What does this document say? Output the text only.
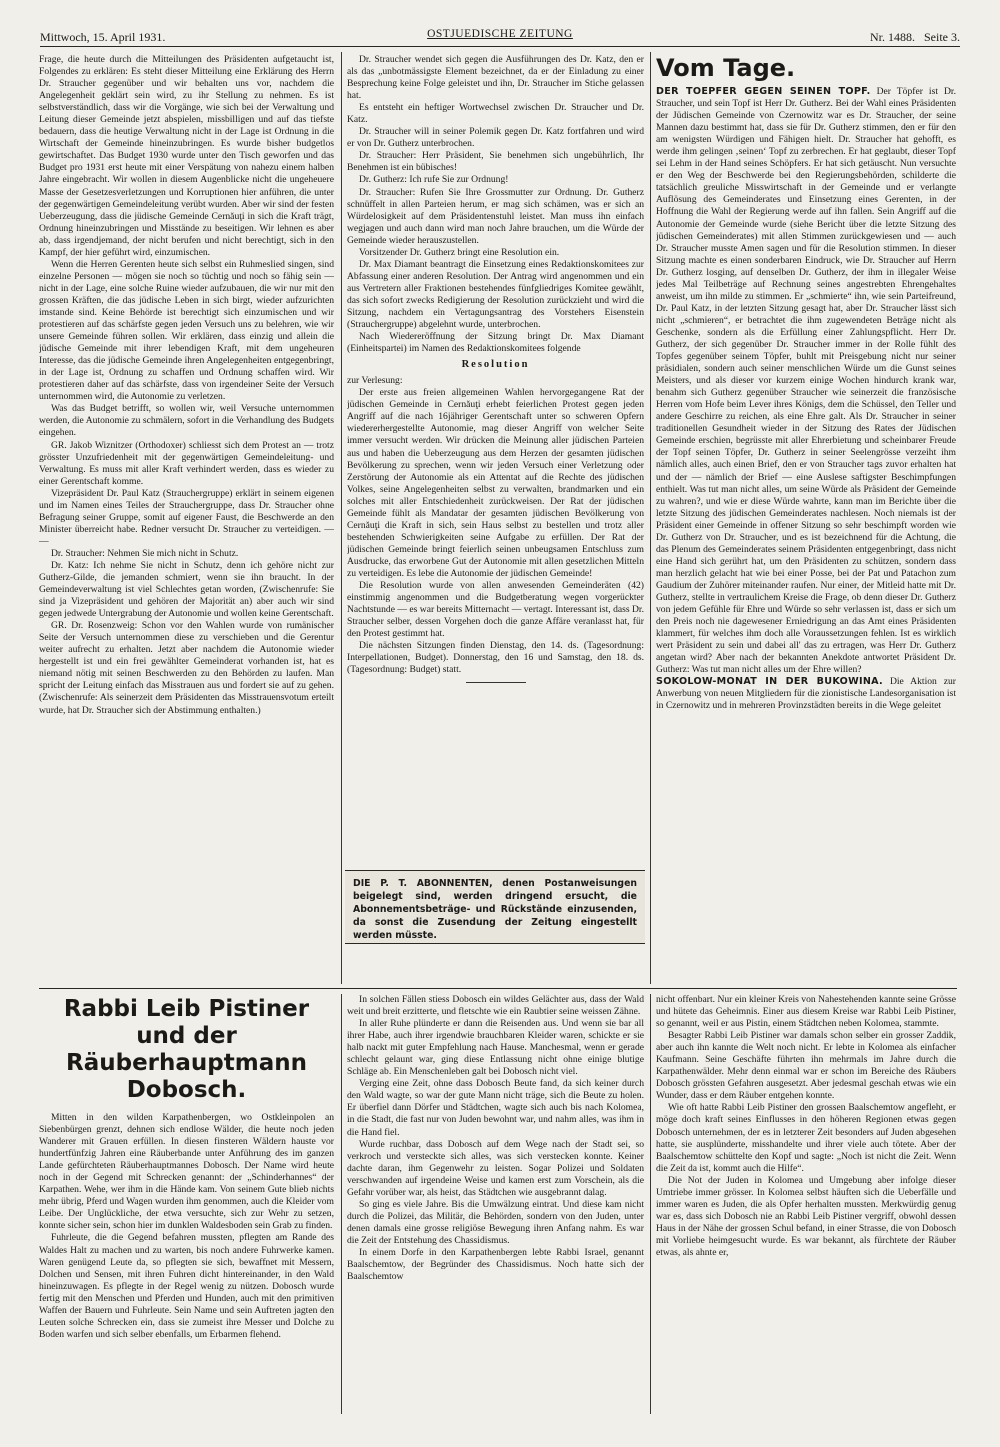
Mittwoch, 15. April 1931.	OSTJUEDISCHE ZEITUNG	Nr. 1488. Seite 3.

Frage, die heute durch die Mitteilungen des Präsidenten aufgetaucht ist, Folgendes zu erklären: Es steht dieser Mitteilung eine Erklärung des Herrn Dr. Straucher gegenüber und wir behalten uns vor, nachdem die Angelegenheit geklärt sein wird, zu ihr Stellung zu nehmen. Es ist selbstverständlich, dass wir die Vorgänge, wie sich bei der Verwaltung und Leitung dieser Gemeinde jetzt abspielen, missbilligen und auf das tiefste bedauern, dass die heutige Verwaltung nicht in der Lage ist Ordnung in die Wirtschaft der Gemeinde hineinzubringen. Es wurde bisher budgetlos gewirtschaftet. Das Budget 1930 wurde unter den Tisch geworfen und das Budget pro 1931 erst heute mit einer Verspätung von nahezu einem halben Jahre eingebracht. Wir wollen in diesem Augenblicke nicht die ungeheuere Masse der Gesetzesverletzungen und Korruptionen hier anführen, die unter der gegenwärtigen Gemeindeleitung verübt wurden. Aber wir sind der festen Ueberzeugung, dass die jüdische Gemeinde Cernăuţi in sich die Kraft trägt, Ordnung hineinzubringen und Misstände zu beseitigen. Wir lehnen es aber ab, dass irgendjemand, der nicht berufen und nicht berechtigt, sich in den Kampf, der hier geführt wird, einzumischen.

Wenn die Herren Gerenten heute sich selbst ein Ruhmeslied singen, sind einzelne Personen — mögen sie noch so tüchtig und noch so fähig sein — nicht in der Lage, eine solche Ruine wieder aufzubauen, die wir nur mit den grossen Kräften, die das jüdische Leben in sich birgt, wieder aufzurichten imstande sind. Keine Behörde ist berechtigt sich einzumischen und wir protestieren auf das schärfste gegen jeden Versuch uns zu belehren, wie wir unsere Gemeinde führen sollen. Wir erklären, dass einzig und allein die jüdische Gemeinde mit ihrer lebendigen Kraft, mit dem ungeheuren Interesse, das die jüdische Gemeinde ihren Angelegenheiten entgegenbringt, in der Lage ist, Ordnung zu schaffen und Ordnung schaffen wird. Wir protestieren daher auf das schärfste, dass von irgendeiner Seite der Versuch unternommen wird, die Autonomie zu verletzen.

Was das Budget betrifft, so wollen wir, weil Versuche unternommen werden, die Autonomie zu schmälern, sofort in die Verhandlung des Budgets eingehen.

GR. Jakob Wiznitzer (Orthodoxer) schliesst sich dem Protest an — trotz grösster Unzufriedenheit mit der gegenwärtigen Gemeindeleitung- und Verwaltung. Es muss mit aller Kraft verhindert werden, dass es wieder zu einer Gerentschaft komme.

Vizepräsident Dr. Paul Katz (Strauchergruppe) erklärt in seinem eigenen und im Namen eines Teiles der Strauchergruppe, dass Dr. Straucher ohne Befragung seiner Gruppe, somit auf eigener Faust, die Beschwerde an den Minister überreicht habe. Redner versucht Dr. Straucher zu verteidigen. — —

Dr. Straucher: Nehmen Sie mich nicht in Schutz.

Dr. Katz: Ich nehme Sie nicht in Schutz, denn ich gehöre nicht zur Gutherz-Gilde, die jemanden schmiert, wenn sie ihn braucht. In der Gemeindeverwaltung ist viel Schlechtes getan worden, (Zwischenrufe: Sie sind ja Vizepräsident und gehören der Majorität an) aber auch wir sind gegen jedwede Untergrabung der Autonomie und wollen keine Gerentschaft.

GR. Dr. Rosenzweig: Schon vor den Wahlen wurde von rumänischer Seite der Versuch unternommen diese zu verschieben und die Gerentur weiter aufrecht zu erhalten. Jetzt aber nachdem die Autonomie wieder hergestellt ist und ein frei gewählter Gemeinderat vorhanden ist, hat es niemand nötig mit seinen Beschwerden zu den Behörden zu laufen. Man spricht der Leitung einfach das Misstrauen aus und fordert sie auf zu gehen. (Zwischenrufe: Als seinerzeit dem Präsidenten das Misstrauensvotum erteilt wurde, hat Dr. Straucher sich der Abstimmung enthalten.)

Dr. Straucher wendet sich gegen die Ausführungen des Dr. Katz, den er als das „unbotmässigste Element bezeichnet, da er der Einladung zu einer Besprechung keine Folge geleistet und ihn, Dr. Straucher im Stiche gelassen hat.

Es entsteht ein heftiger Wortwechsel zwischen Dr. Straucher und Dr. Katz.

Dr. Straucher will in seiner Polemik gegen Dr. Katz fortfahren und wird er von Dr. Gutherz unterbrochen.

Dr. Straucher: Herr Präsident, Sie benehmen sich ungebührlich, Ihr Benehmen ist ein bübisches!

Dr. Gutherz: Ich rufe Sie zur Ordnung!

Dr. Straucher: Rufen Sie Ihre Grossmutter zur Ordnung. Dr. Gutherz schnüffelt in allen Parteien herum, er mag sich schämen, was er sich an Würdelosigkeit auf dem Präsidentenstuhl leistet. Man muss ihn einfach wegjagen und auch dann wird man noch Jahre brauchen, um die Würde der Gemeinde wieder herauszustellen.

Vorsitzender Dr. Gutherz bringt eine Resolution ein.

Dr. Max Diamant beantragt die Einsetzung eines Redaktionskomitees zur Abfassung einer anderen Resolution. Der Antrag wird angenommen und ein aus Vertretern aller Fraktionen bestehendes fünfgliedriges Komitee gewählt, das sich sofort zwecks Redigierung der Resolution zurückzieht und wird die Sitzung, nachdem ein Vertagungsantrag des Vorstehers Eisenstein (Strauchergruppe) abgelehnt wurde, unterbrochen.

Nach Wiedereröffnung der Sitzung bringt Dr. Max Diamant (Einheitspartei) im Namen des Redaktionskomitees folgende

Resolution

zur Verlesung:

Der erste aus freien allgemeinen Wahlen hervorgegangene Rat der jüdischen Gemeinde in Cernăuţi erhebt feierlichen Protest gegen jeden Angriff auf die nach 16jähriger Gerentschaft unter so schweren Opfern wiedererhergestellte Autonomie, mag dieser Angriff von welcher Seite immer versucht werden. Wir drücken die Meinung aller jüdischen Parteien aus und haben die Ueberzeugung aus dem Herzen der gesamten jüdischen Bevölkerung zu sprechen, wenn wir jeden Versuch einer Verletzung oder Zerstörung der Autonomie als ein Attentat auf die Rechte des jüdischen Volkes, seine Angelegenheiten selbst zu verwalten, brandmarken und ein solches mit aller Entschiedenheit zurückweisen. Der Rat der jüdischen Gemeinde fühlt als Mandatar der gesamten jüdischen Bevölkerung von Cernăuţi die Kraft in sich, sein Haus selbst zu bestellen und trotz aller bestehenden Schwierigkeiten seine Aufgabe zu erfüllen. Der Rat der jüdischen Gemeinde bringt feierlich seinen unbeugsamen Entschluss zum Ausdrucke, das erworbene Gut der Autonomie mit allen gesetzlichen Mitteln zu verteidigen. Es lebe die Autonomie der jüdischen Gemeinde!

Die Resolution wurde von allen anwesenden Gemeinderäten (42) einstimmig angenommen und die Budgetberatung wegen vorgerückter Nachtstunde — es war bereits Mitternacht — vertagt. Interessant ist, dass Dr. Straucher selber, dessen Vorgehen doch die ganze Affäre veranlasst hat, für den Protest gestimmt hat.

Die nächsten Sitzungen finden Dienstag, den 14. ds. (Tagesordnung: Interpellationen, Budget). Donnerstag, den 16 und Samstag, den 18. ds. (Tagesordnung: Budget) statt.

DIE P. T. ABONNENTEN, denen Postanweisungen beigelegt sind, werden dringend ersucht, die Abonnementsbeträge- und Rückstände einzusenden, da sonst die Zusendung der Zeitung eingestellt werden müsste.
Vom Tage.

DER TOEPFER GEGEN SEINEN TOPF. Der Töpfer ist Dr. Straucher, und sein Topf ist Herr Dr. Gutherz. Bei der Wahl eines Präsidenten der Jüdischen Gemeinde von Czernowitz war es Dr. Straucher, der seine Mannen dazu bestimmt hat, dass sie für Dr. Gutherz stimmen, den er für den am wenigsten Würdigen und Fähigen hielt. Dr. Straucher hat gehofft, es werde ihm gelingen ‚seinen‘ Topf zu zerbrechen. Er hat geglaubt, dieser Topf sei Lehm in der Hand seines Schöpfers. Er hat sich getäuscht. Nun versuchte er den Weg der Beschwerde bei den Regierungsbehörden, schilderte die tatsächlich greuliche Misswirtschaft in der Gemeinde und er verlangte Auflösung des Gemeinderates und Einsetzung eines Gerenten, in der Hoffnung die Wahl der Regierung werde auf ihn fallen. Sein Angriff auf die Autonomie der Gemeinde wurde (siehe Bericht über die letzte Sitzung des jüdischen Gemeinderates) mit allen Stimmen zurückgewiesen und — auch Dr. Straucher musste Amen sagen und für die Resolution stimmen. In dieser Sitzung machte es einen sonderbaren Eindruck, wie Dr. Straucher auf Herrn Dr. Gutherz losging, auf denselben Dr. Gutherz, der ihm in illegaler Weise jedes Mal Teilbeträge auf Rechnung seines angestrebten Ehrengehaltes anweist, um ihn milde zu stimmen. Er „schmierte“ ihn, wie sein Parteifreund, Dr. Paul Katz, in der letzten Sitzung gesagt hat, aber Dr. Straucher lässt sich nicht „schmieren“, er betrachtet die ihm zugewendeten Beträge nicht als Geschenke, sondern als die Erfüllung einer Zahlungspflicht. Herr Dr. Gutherz, der sich gegenüber Dr. Straucher immer in der Rolle fühlt des Topfes gegenüber seinem Töpfer, buhlt mit Preisgebung nicht nur seiner präsidialen, sondern auch seiner menschlichen Würde um die Gunst seines Meisters, und als dieser vor kurzem einige Wochen hindurch krank war, benahm sich Gutherz gegenüber Straucher wie seinerzeit die französische Herren vom Hofe beim Lever ihres Königs, dem die Schüssel, den Teller und andere Geschirre zu reichen, als eine Ehre galt. Als Dr. Straucher in seiner traditionellen Gesundheit wieder in der Sitzung des Rates der Jüdischen Gemeinde erschien, begrüsste mit aller Ehrerbietung und scheinbarer Freude der Topf seinen Töpfer, Dr. Gutherz in seiner Seelengrösse verzeiht ihm nämlich alles, auch einen Brief, den er von Straucher tags zuvor erhalten hat und der — nämlich der Brief — eine Auslese saftigster Beschimpfungen enthielt. Was tut man nicht alles, um seine Würde als Präsident der Gemeinde zu wahren?, und wie er diese Würde wahrte, kann man im Berichte über die letzte Sitzung des jüdischen Gemeinderates nachlesen. Noch niemals ist der Präsident einer Gemeinde in offener Sitzung so sehr beschimpft worden wie Dr. Gutherz von Dr. Straucher, und es ist bezeichnend für die Achtung, die das Plenum des Gemeinderates seinem Präsidenten entgegenbringt, dass nicht eine Hand sich gerührt hat, um den Präsidenten zu schützen, sondern dass man herzlich gelacht hat wie bei einer Posse, bei der Pat und Patachon zum Gaudium der Zuhörer miteinander raufen. Nur einer, der Mitleid hatte mit Dr. Gutherz, stellte in vertraulichem Kreise die Frage, ob denn dieser Dr. Gutherz von jedem Gefühle für Ehre und Würde so sehr verlassen ist, dass er sich um den Preis noch nie dagewesener Erniedrigung an das Amt eines Präsidenten klammert, für welches ihm doch alle Voraussetzungen fehlen. Ist es wirklich wert Präsident zu sein und dabei all' das zu ertragen, was Herr Dr. Gutherz angetan wird? Aber nach der bekannten Anekdote antwortet Präsident Dr. Gutherz: Was tut man nicht alles um der Ehre willen?

SOKOLOW-MONAT IN DER BUKOWINA. Die Aktion zur Anwerbung von neuen Mitgliedern für die zionistische Landesorganisation ist in Czernowitz und in mehreren Provinzstädten bereits in die Wege geleitet

Rabbi Leib Pistiner und der Räuberhauptmann Dobosch.

Mitten in den wilden Karpathenbergen, wo Ostkleinpolen an Siebenbürgen grenzt, dehnen sich endlose Wälder, die heute noch jeden Wanderer mit Grauen erfüllen. In diesen finsteren Wäldern hauste vor hundertfünfzig Jahren eine Räuberbande unter Anführung des im ganzen Lande gefürchteten Räuberhauptmannes Dobosch. Der Name wird heute noch in der Gegend mit Schrecken genannt: der „Schinderhannes“ der Karpathen. Wehe, wer ihm in die Hände kam. Von seinem Gute blieb nichts mehr übrig, Pferd und Wagen wurden ihm genommen, auch die Kleider vom Leibe. Der Unglückliche, der etwa versuchte, sich zur Wehr zu setzen, konnte sicher sein, schon hier im dunklen Waldesboden sein Grab zu finden.

Fuhrleute, die die Gegend befahren mussten, pflegten am Rande des Waldes Halt zu machen und zu warten, bis noch andere Fuhrwerke kamen. Waren genügend Leute da, so pflegten sie sich, bewaffnet mit Messern, Dolchen und Sensen, mit ihren Fuhren dicht hintereinander, in den Wald hineinzuwagen. Es pflegte in der Regel wenig zu nützen. Dobosch wurde fertig mit den Menschen und Pferden und Hunden, auch mit den primitiven Waffen der Bauern und Fuhrleute. Sein Name und sein Auftreten jagten den Leuten solche Schrecken ein, dass sie zumeist ihre Messer und Dolche zu Boden warfen und sich selber ebenfalls, um Erbarmen flehend.

In solchen Fällen stiess Dobosch ein wildes Gelächter aus, dass der Wald weit und breit erzitterte, und fletschte wie ein Raubtier seine weissen Zähne.

In aller Ruhe plünderte er dann die Reisenden aus. Und wenn sie bar all ihrer Habe, auch ihrer irgendwie brauchbaren Kleider waren, schickte er sie halb nackt mit guter Empfehlung nach Hause. Manchesmal, wenn er gerade schlecht gelaunt war, ging diese Entlassung nicht ohne einige blutige Schläge ab. Ein Menschenleben galt bei Dobosch nicht viel.

Verging eine Zeit, ohne dass Dobosch Beute fand, da sich keiner durch den Wald wagte, so war der gute Mann nicht träge, sich die Beute zu holen. Er überfiel dann Dörfer und Städtchen, wagte sich auch bis nach Kolomea, in die Stadt, die fast nur von Juden bewohnt war, und nahm alles, was ihm in die Hand fiel.

Wurde ruchbar, dass Dobosch auf dem Wege nach der Stadt sei, so verkroch und versteckte sich alles, was sich verstecken konnte. Keiner dachte daran, ihm Gegenwehr zu leisten. Sogar Polizei und Soldaten verschwanden auf irgendeine Weise und kamen erst zum Vorschein, als die Gefahr vorüber war, als heist, das Städtchen wie ausgebrannt dalag.

So ging es viele Jahre. Bis die Umwälzung eintrat. Und diese kam nicht durch die Polizei, das Militär, die Behörden, sondern von den Juden, unter denen damals eine grosse religiöse Bewegung ihren Anfang nahm. Es war die Zeit der Entstehung des Chassidismus.

In einem Dorfe in den Karpathenbergen lebte Rabbi Israel, genannt Baalschemtow, der Begründer des Chassidismus. Noch hatte sich der Baalschemtow

nicht offenbart. Nur ein kleiner Kreis von Nahestehenden kannte seine Grösse und hütete das Geheimnis. Einer aus diesem Kreise war Rabbi Leib Pistiner, so genannt, weil er aus Pistin, einem Städtchen neben Kolomea, stammte.

Besagter Rabbi Leib Pistiner war damals schon selber ein grosser Zaddik, aber auch ihn kannte die Welt noch nicht. Er lebte in Kolomea als einfacher Kaufmann. Seine Geschäfte führten ihn mehrmals im Jahre durch die Karpathenwälder. Mehr denn einmal war er schon im Bereiche des Räubers Dobosch grössten Gefahren ausgesetzt. Aber jedesmal geschah etwas wie ein Wunder, dass er dem Räuber entgehen konnte.

Wie oft hatte Rabbi Leib Pistiner den grossen Baalschemtow angefleht, er möge doch kraft seines Einflusses in den höheren Regionen etwas gegen Dobosch unternehmen, der es in letzterer Zeit besonders auf Juden abgesehen hatte, sie ausplünderte, misshandelte und ihrer viele auch tötete. Aber der Baalschemtow schüttelte den Kopf und sagte: „Noch ist nicht die Zeit. Wenn die Zeit da ist, kommt auch die Hilfe“.

Die Not der Juden in Kolomea und Umgebung aber infolge dieser Umtriebe immer grösser. In Kolomea selbst häuften sich die Ueberfälle und immer waren es Juden, die als Opfer herhalten mussten. Merkwürdig genug war es, dass sich Dobosch nie an Rabbi Leib Pistiner vergriff, obwohl dessen Haus in der Nähe der grossen Schul befand, in einer Strasse, die von Dobosch mit Vorliebe heimgesucht wurde. Es war bekannt, als fürchtete der Räuber etwas, als ahnte er,
